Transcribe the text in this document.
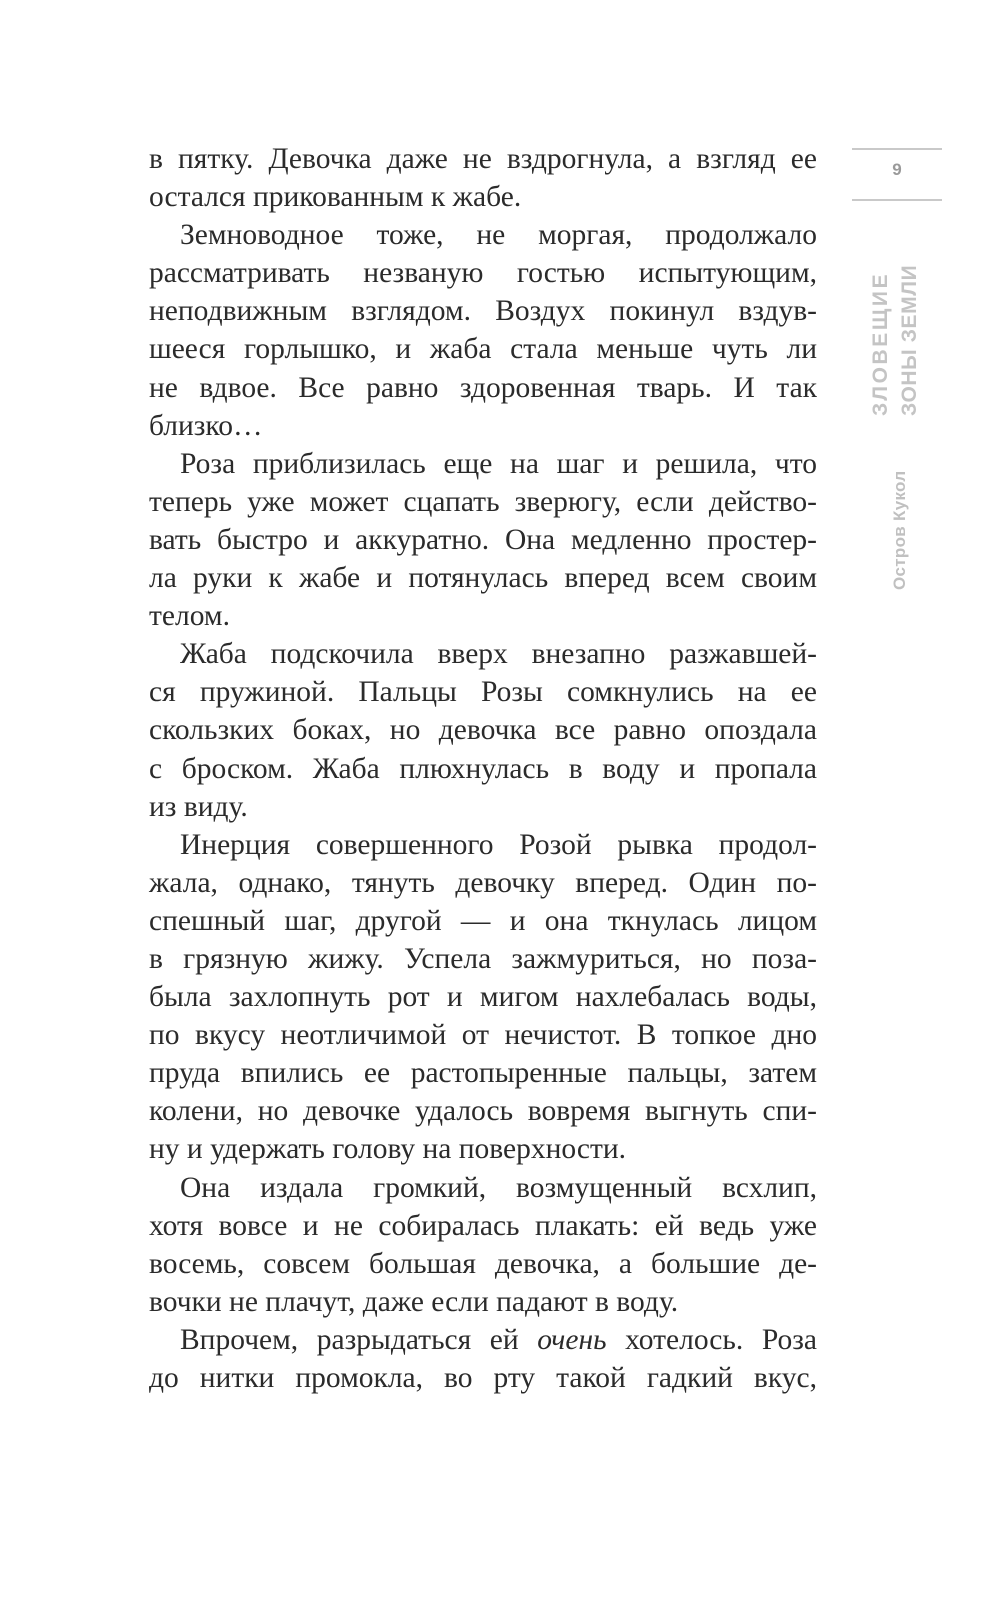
9
ЗЛОВЕЩИЕ ЗОНЫ ЗЕМЛИ
Остров Кукол
в пятку. Девочка даже не вздрогнула, а взгляд ее
остался прикованным к жабе.
Земноводное тоже, не моргая, продолжало
рассматривать незваную гостью испытующим,
неподвижным взглядом. Воздух покинул вздув-
шееся горлышко, и жаба стала меньше чуть ли
не вдвое. Все равно здоровенная тварь. И так
близко…
Роза приблизилась еще на шаг и решила, что
теперь уже может сцапать зверюгу, если действо-
вать быстро и аккуратно. Она медленно простер-
ла руки к жабе и потянулась вперед всем своим
телом.
Жаба подскочила вверх внезапно разжавшей-
ся пружиной. Пальцы Розы сомкнулись на ее
скользких боках, но девочка все равно опоздала
с броском. Жаба плюхнулась в воду и пропала
из виду.
Инерция совершенного Розой рывка продол-
жала, однако, тянуть девочку вперед. Один по-
спешный шаг, другой — и она ткнулась лицом
в грязную жижу. Успела зажмуриться, но поза-
была захлопнуть рот и мигом нахлебалась воды,
по вкусу неотличимой от нечистот. В топкое дно
пруда впились ее растопыренные пальцы, затем
колени, но девочке удалось вовремя выгнуть спи-
ну и удержать голову на поверхности.
Она издала громкий, возмущенный всхлип,
хотя вовсе и не собиралась плакать: ей ведь уже
восемь, совсем большая девочка, а большие де-
вочки не плачут, даже если падают в воду.
Впрочем, разрыдаться ей очень хотелось. Роза
до нитки промокла, во рту такой гадкий вкус,
